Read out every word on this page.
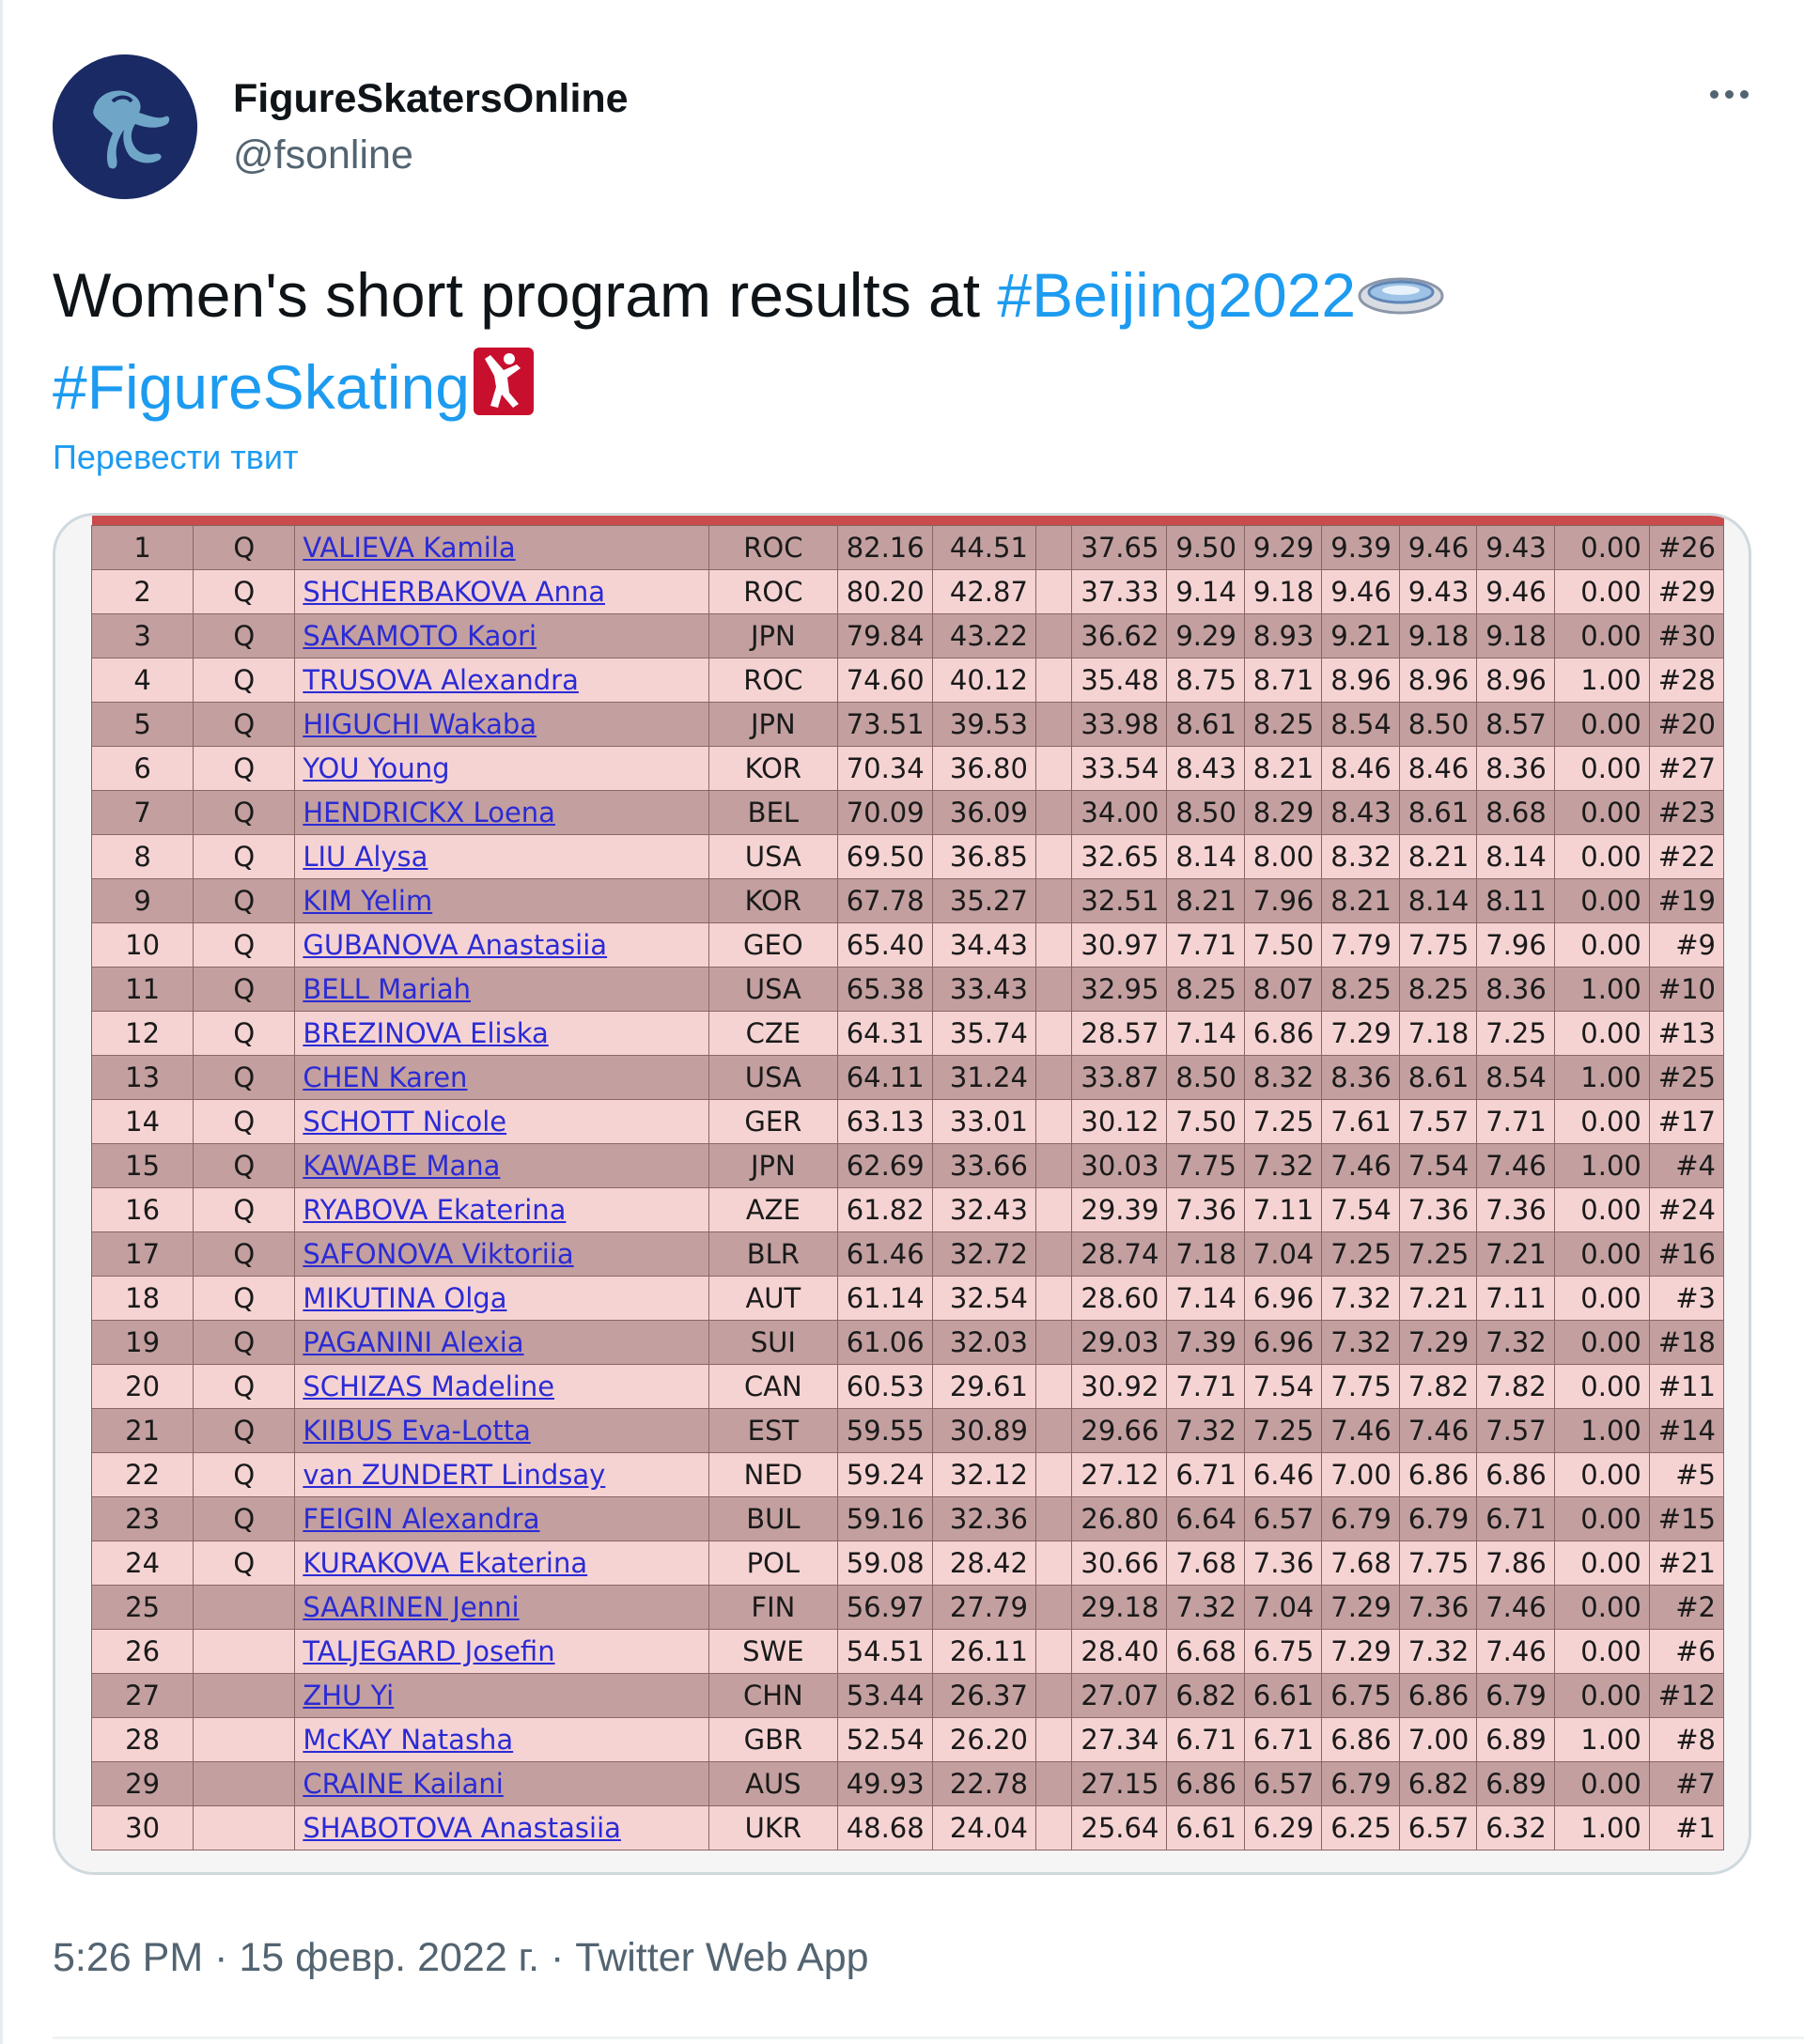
FigureSkatersOnline
@fsonline
Women's short program results at #Beijing2022
#FigureSkating
Перевести твит

1	Q	VALIEVA Kamila	ROC	82.16	44.51		37.65	9.50	9.29	9.39	9.46	9.43	0.00	#26
2	Q	SHCHERBAKOVA Anna	ROC	80.20	42.87		37.33	9.14	9.18	9.46	9.43	9.46	0.00	#29
3	Q	SAKAMOTO Kaori	JPN	79.84	43.22		36.62	9.29	8.93	9.21	9.18	9.18	0.00	#30
4	Q	TRUSOVA Alexandra	ROC	74.60	40.12		35.48	8.75	8.71	8.96	8.96	8.96	1.00	#28
5	Q	HIGUCHI Wakaba	JPN	73.51	39.53		33.98	8.61	8.25	8.54	8.50	8.57	0.00	#20
6	Q	YOU Young	KOR	70.34	36.80		33.54	8.43	8.21	8.46	8.46	8.36	0.00	#27
7	Q	HENDRICKX Loena	BEL	70.09	36.09		34.00	8.50	8.29	8.43	8.61	8.68	0.00	#23
8	Q	LIU Alysa	USA	69.50	36.85		32.65	8.14	8.00	8.32	8.21	8.14	0.00	#22
9	Q	KIM Yelim	KOR	67.78	35.27		32.51	8.21	7.96	8.21	8.14	8.11	0.00	#19
10	Q	GUBANOVA Anastasiia	GEO	65.40	34.43		30.97	7.71	7.50	7.79	7.75	7.96	0.00	#9
11	Q	BELL Mariah	USA	65.38	33.43		32.95	8.25	8.07	8.25	8.25	8.36	1.00	#10
12	Q	BREZINOVA Eliska	CZE	64.31	35.74		28.57	7.14	6.86	7.29	7.18	7.25	0.00	#13
13	Q	CHEN Karen	USA	64.11	31.24		33.87	8.50	8.32	8.36	8.61	8.54	1.00	#25
14	Q	SCHOTT Nicole	GER	63.13	33.01		30.12	7.50	7.25	7.61	7.57	7.71	0.00	#17
15	Q	KAWABE Mana	JPN	62.69	33.66		30.03	7.75	7.32	7.46	7.54	7.46	1.00	#4
16	Q	RYABOVA Ekaterina	AZE	61.82	32.43		29.39	7.36	7.11	7.54	7.36	7.36	0.00	#24
17	Q	SAFONOVA Viktoriia	BLR	61.46	32.72		28.74	7.18	7.04	7.25	7.25	7.21	0.00	#16
18	Q	MIKUTINA Olga	AUT	61.14	32.54		28.60	7.14	6.96	7.32	7.21	7.11	0.00	#3
19	Q	PAGANINI Alexia	SUI	61.06	32.03		29.03	7.39	6.96	7.32	7.29	7.32	0.00	#18
20	Q	SCHIZAS Madeline	CAN	60.53	29.61		30.92	7.71	7.54	7.75	7.82	7.82	0.00	#11
21	Q	KIIBUS Eva-Lotta	EST	59.55	30.89		29.66	7.32	7.25	7.46	7.46	7.57	1.00	#14
22	Q	van ZUNDERT Lindsay	NED	59.24	32.12		27.12	6.71	6.46	7.00	6.86	6.86	0.00	#5
23	Q	FEIGIN Alexandra	BUL	59.16	32.36		26.80	6.64	6.57	6.79	6.79	6.71	0.00	#15
24	Q	KURAKOVA Ekaterina	POL	59.08	28.42		30.66	7.68	7.36	7.68	7.75	7.86	0.00	#21
25		SAARINEN Jenni	FIN	56.97	27.79		29.18	7.32	7.04	7.29	7.36	7.46	0.00	#2
26		TALJEGARD Josefin	SWE	54.51	26.11		28.40	6.68	6.75	7.29	7.32	7.46	0.00	#6
27		ZHU Yi	CHN	53.44	26.37		27.07	6.82	6.61	6.75	6.86	6.79	0.00	#12
28		McKAY Natasha	GBR	52.54	26.20		27.34	6.71	6.71	6.86	7.00	6.89	1.00	#8
29		CRAINE Kailani	AUS	49.93	22.78		27.15	6.86	6.57	6.79	6.82	6.89	0.00	#7
30		SHABOTOVA Anastasiia	UKR	48.68	24.04		25.64	6.61	6.29	6.25	6.57	6.32	1.00	#1
5:26 PM · 15 февр. 2022 г. · Twitter Web App
